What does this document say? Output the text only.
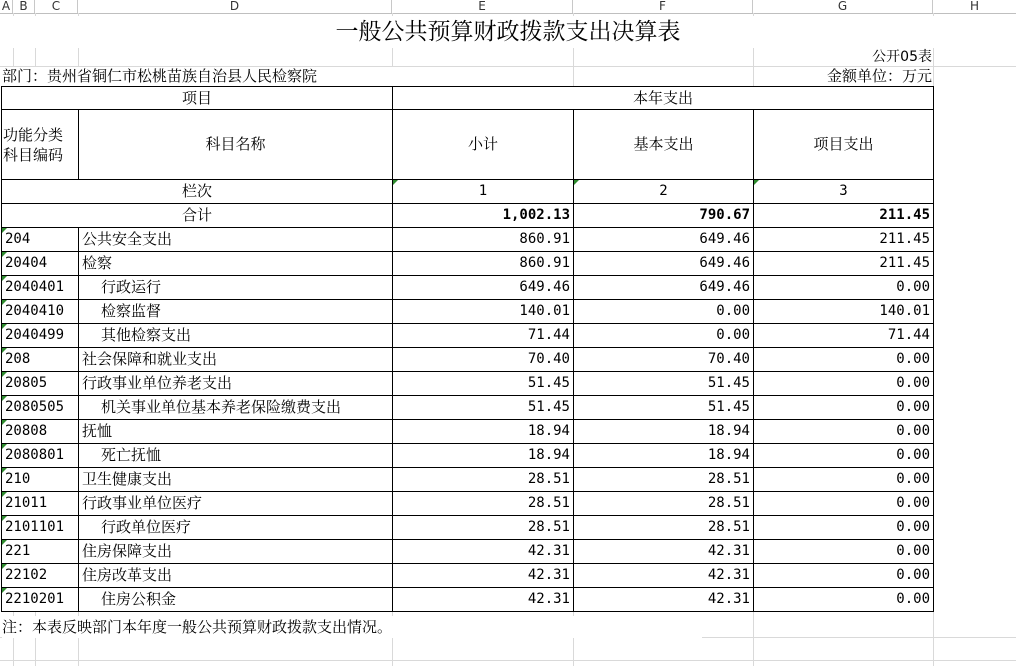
A B	C	D	E	F	G	H
一般公共预算财政拨款支出决算表
公开05表
部门：贵州省铜仁市松桃苗族自治县人民检察院	金额单位：万元
项目		本年支出		
功能分类科目编码	科目名称	小计	基本支出	项目支出
栏次		1	2	3
合计		1,002.13	790.67	211.45
204	公共安全支出	860.91	649.46	211.45
20404	检察	860.91	649.46	211.45
2040401	行政运行	649.46	649.46	0.00
2040410	检察监督	140.01	0.00	140.01
2040499	其他检察支出	71.44	0.00	71.44
208	社会保障和就业支出	70.40	70.40	0.00
20805	行政事业单位养老支出	51.45	51.45	0.00
2080505	机关事业单位基本养老保险缴费支出	51.45	51.45	0.00
20808	抚恤	18.94	18.94	0.00
2080801	死亡抚恤	18.94	18.94	0.00
210	卫生健康支出	28.51	28.51	0.00
21011	行政事业单位医疗	28.51	28.51	0.00
2101101	行政单位医疗	28.51	28.51	0.00
221	住房保障支出	42.31	42.31	0.00
22102	住房改革支出	42.31	42.31	0.00
2210201	住房公积金	42.31	42.31	0.00
注：本表反映部门本年度一般公共预算财政拨款支出情况。
